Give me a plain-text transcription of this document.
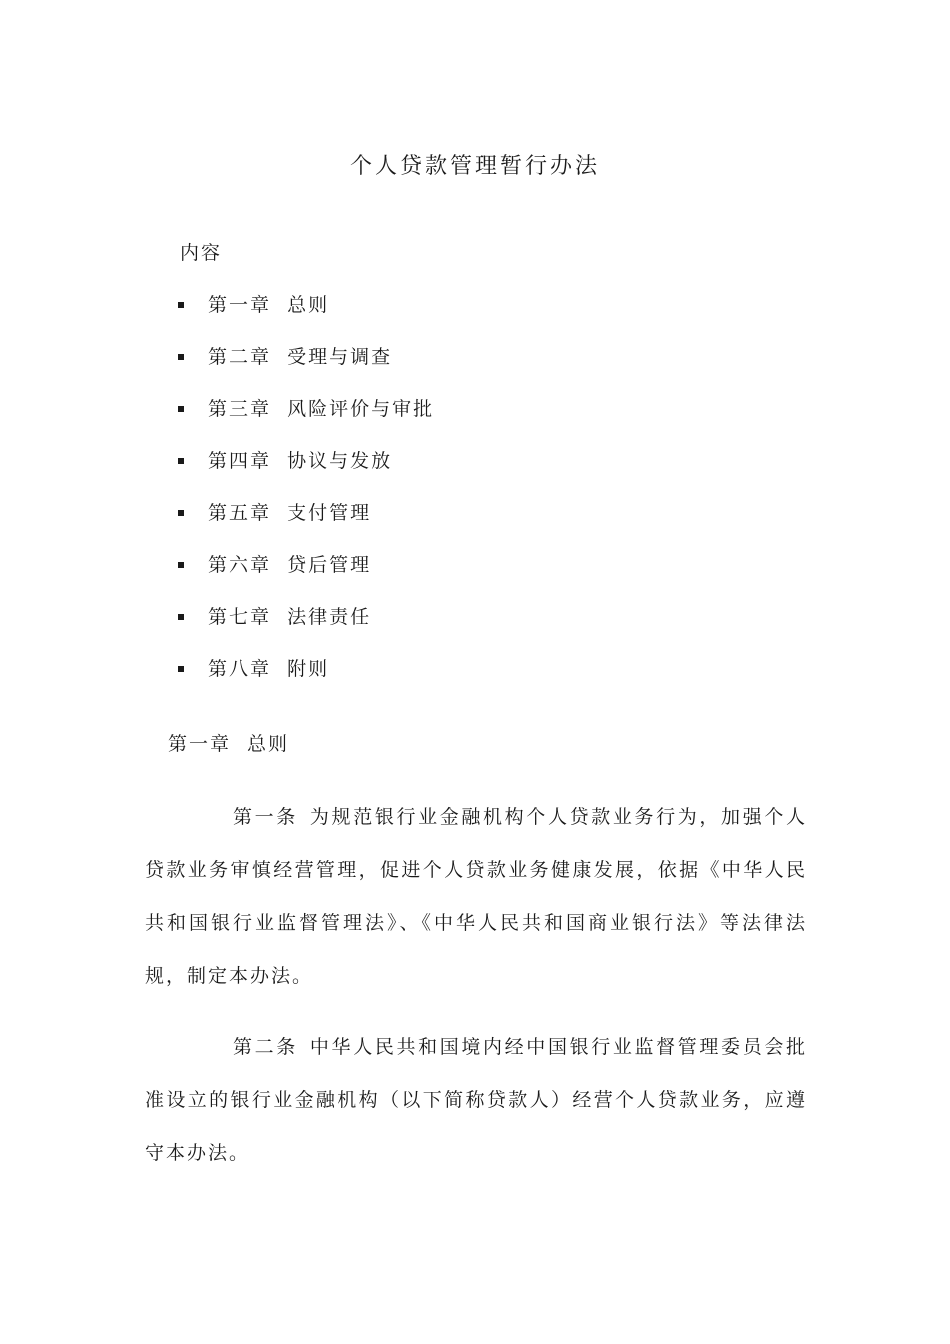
个人贷款管理暂行办法
内容
第一章 总则
第二章 受理与调查
第三章 风险评价与审批
第四章 协议与发放
第五章 支付管理
第六章 贷后管理
第七章 法律责任
第八章 附则
第一章 总则

第一条 为规范银行业金融机构个人贷款业务行为，加强个人贷款业务审慎经营管理，促进个人贷款业务健康发展，依据《中华人民共和国银行业监督管理法》、《中华人民共和国商业银行法》等法律法规，制定本办法。

第二条 中华人民共和国境内经中国银行业监督管理委员会批准设立的银行业金融机构（以下简称贷款人）经营个人贷款业务，应遵守本办法。
